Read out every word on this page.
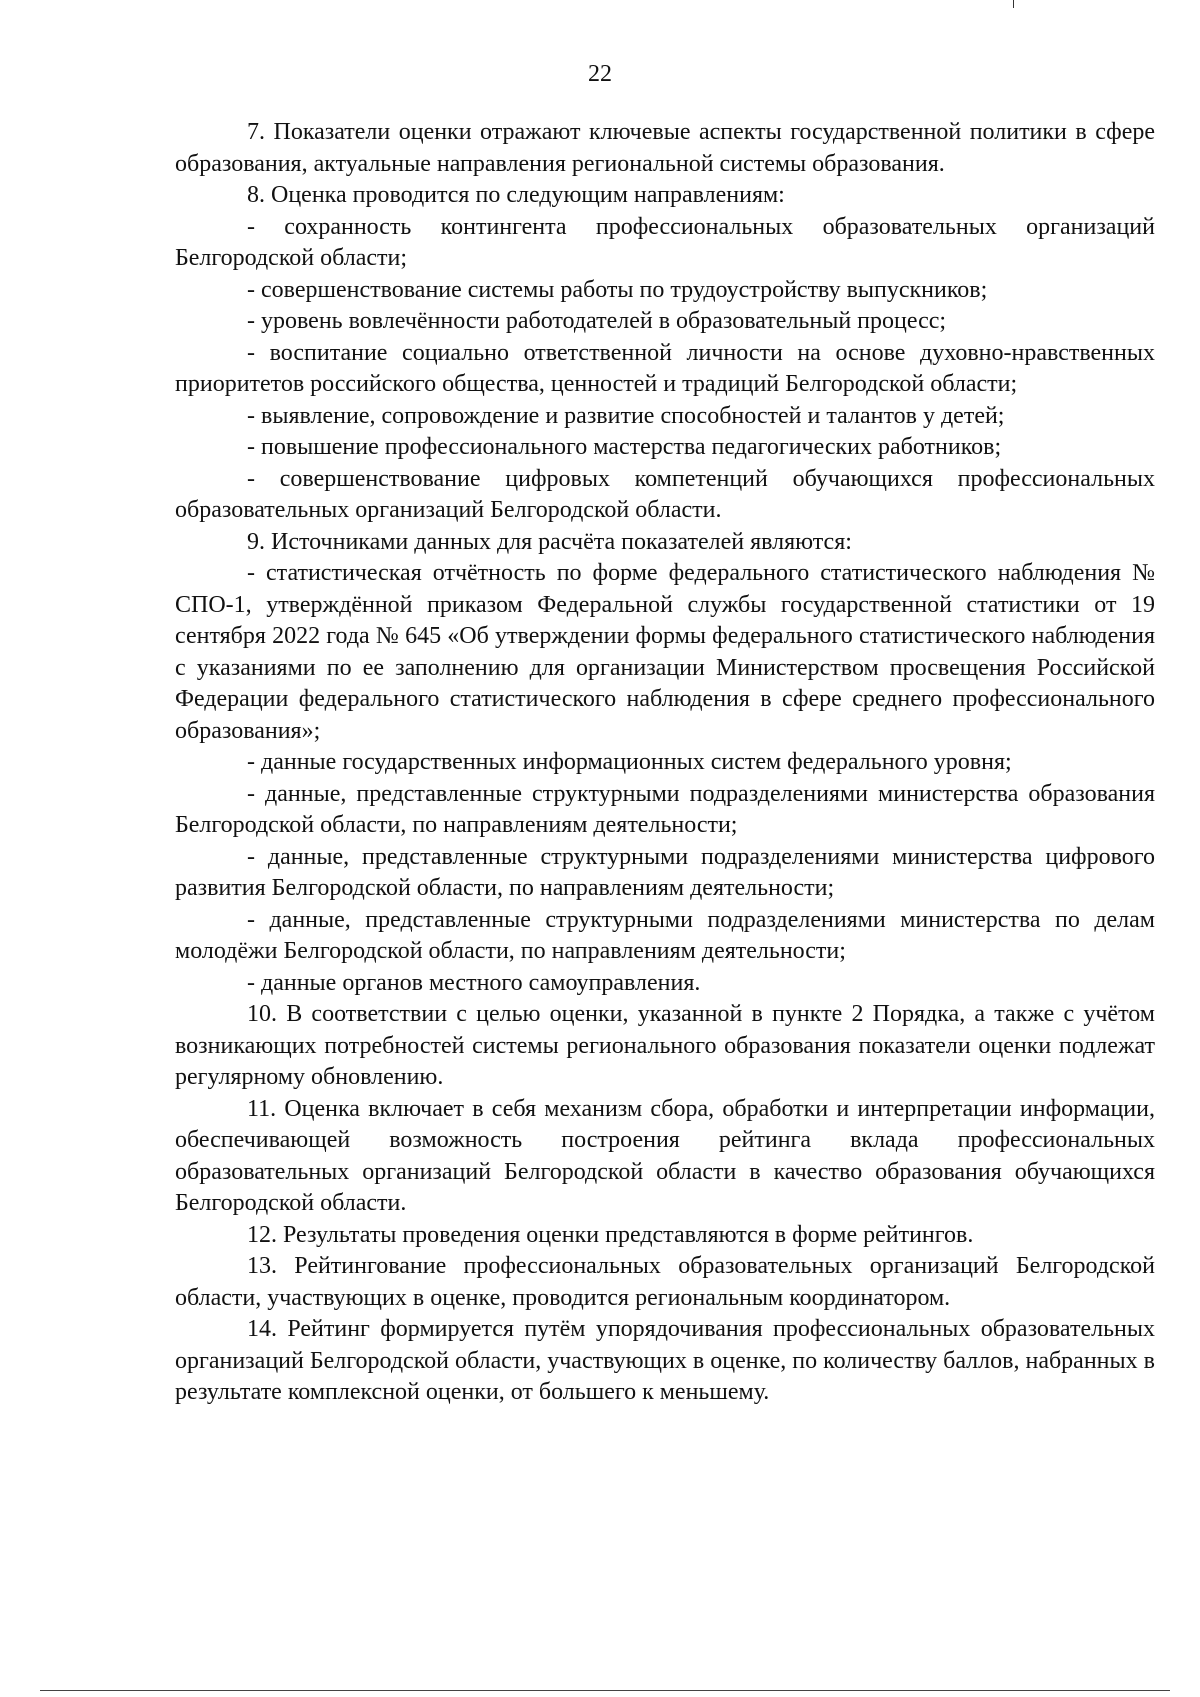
22

7. Показатели оценки отражают ключевые аспекты государственной политики в сфере образования, актуальные направления региональной системы образования.

8. Оценка проводится по следующим направлениям:

- сохранность контингента профессиональных образовательных организаций Белгородской области;

- совершенствование системы работы по трудоустройству выпускников;

- уровень вовлечённости работодателей в образовательный процесс;

- воспитание социально ответственной личности на основе духовно-нравственных приоритетов российского общества, ценностей и традиций Белгородской области;

- выявление, сопровождение и развитие способностей и талантов у детей;

- повышение профессионального мастерства педагогических работников;

- совершенствование цифровых компетенций обучающихся профессиональных образовательных организаций Белгородской области.

9. Источниками данных для расчёта показателей являются:

- статистическая отчётность по форме федерального статистического наблюдения № СПО-1, утверждённой приказом Федеральной службы государственной статистики от 19 сентября 2022 года № 645 «Об утверждении формы федерального статистического наблюдения с указаниями по ее заполнению для организации Министерством просвещения Российской Федерации федерального статистического наблюдения в сфере среднего профессионального образования»;

- данные государственных информационных систем федерального уровня;

- данные, представленные структурными подразделениями министерства образования Белгородской области, по направлениям деятельности;

- данные, представленные структурными подразделениями министерства цифрового развития Белгородской области, по направлениям деятельности;

- данные, представленные структурными подразделениями министерства по делам молодёжи Белгородской области, по направлениям деятельности;

- данные органов местного самоуправления.

10. В соответствии с целью оценки, указанной в пункте 2 Порядка, а также с учётом возникающих потребностей системы регионального образования показатели оценки подлежат регулярному обновлению.

11. Оценка включает в себя механизм сбора, обработки и интерпретации информации, обеспечивающей возможность построения рейтинга вклада профессиональных образовательных организаций Белгородской области в качество образования обучающихся Белгородской области.

12. Результаты проведения оценки представляются в форме рейтингов.

13. Рейтингование профессиональных образовательных организаций Белгородской области, участвующих в оценке, проводится региональным координатором.

14. Рейтинг формируется путём упорядочивания профессиональных образовательных организаций Белгородской области, участвующих в оценке, по количеству баллов, набранных в результате комплексной оценки, от большего к меньшему.
